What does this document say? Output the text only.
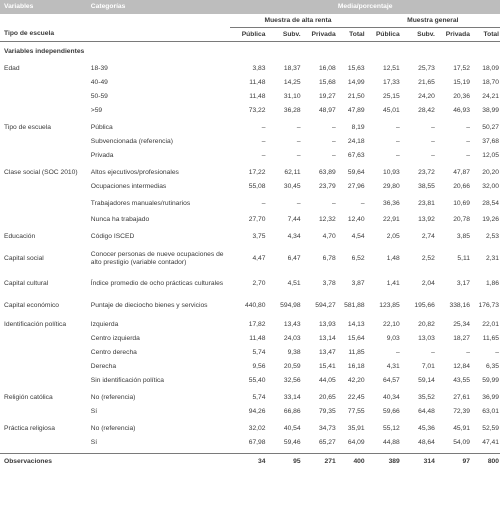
Variables	Categorías	Media/porcentaje							
		Muestra de alta renta				Muestra general			
Tipo de escuela		Pública	Subv.	Privada	Total	Pública	Subv.	Privada	Total
Variables independientes									
Edad	18-39	3,83	18,37	16,08	15,63	12,51	25,73	17,52	18,09
	40-49	11,48	14,25	15,68	14,99	17,33	21,65	15,19	18,70
	50-59	11,48	31,10	19,27	21,50	25,15	24,20	20,36	24,21
	>59	73,22	36,28	48,97	47,89	45,01	28,42	46,93	38,99

Tipo de escuela	Pública	–	–	–	8,19	–	–	–	50,27
	Subvencionada (referencia)	–	–	–	24,18	–	–	–	37,68
	Privada	–	–	–	67,63	–	–	–	12,05

Clase social (SOC 2010)	Altos ejecutivos/profesionales	17,22	62,11	63,89	59,64	10,93	23,72	47,87	20,20
	Ocupaciones intermedias	55,08	30,45	23,79	27,96	29,80	38,55	20,66	32,00
	Trabajadores manuales/rutinarios	–	–	–	–	36,36	23,81	10,69	28,54
	Nunca ha trabajado	27,70	7,44	12,32	12,40	22,91	13,92	20,78	19,26

Educación	Código ISCED	3,75	4,34	4,70	4,54	2,05	2,74	3,85	2,53

Capital social	Conocer personas de nueve ocupaciones de alto prestigio (variable contador)	4,47	6,47	6,78	6,52	1,48	2,52	5,11	2,31

Capital cultural	Índice promedio de ocho prácticas culturales	2,70	4,51	3,78	3,87	1,41	2,04	3,17	1,86

Capital económico	Puntaje de dieciocho bienes y servicios	440,80	594,98	594,27	581,88	123,85	195,66	338,16	176,73

Identificación política	Izquierda	17,82	13,43	13,93	14,13	22,10	20,82	25,34	22,01
	Centro izquierda	11,48	24,03	13,14	15,64	9,03	13,03	18,27	11,65
	Centro derecha	5,74	9,38	13,47	11,85	–	–	–	–
	Derecha	9,56	20,59	15,41	16,18	4,31	7,01	12,84	6,35
	Sin identificación política	55,40	32,56	44,05	42,20	64,57	59,14	43,55	59,99

Religión católica	No (referencia)	5,74	33,14	20,65	22,45	40,34	35,52	27,61	36,99
	Sí	94,26	66,86	79,35	77,55	59,66	64,48	72,39	63,01

Práctica religiosa	No (referencia)	32,02	40,54	34,73	35,91	55,12	45,36	45,91	52,59
	Sí	67,98	59,46	65,27	64,09	44,88	48,64	54,09	47,41

Observaciones		34	95	271	400	389	314	97	800
